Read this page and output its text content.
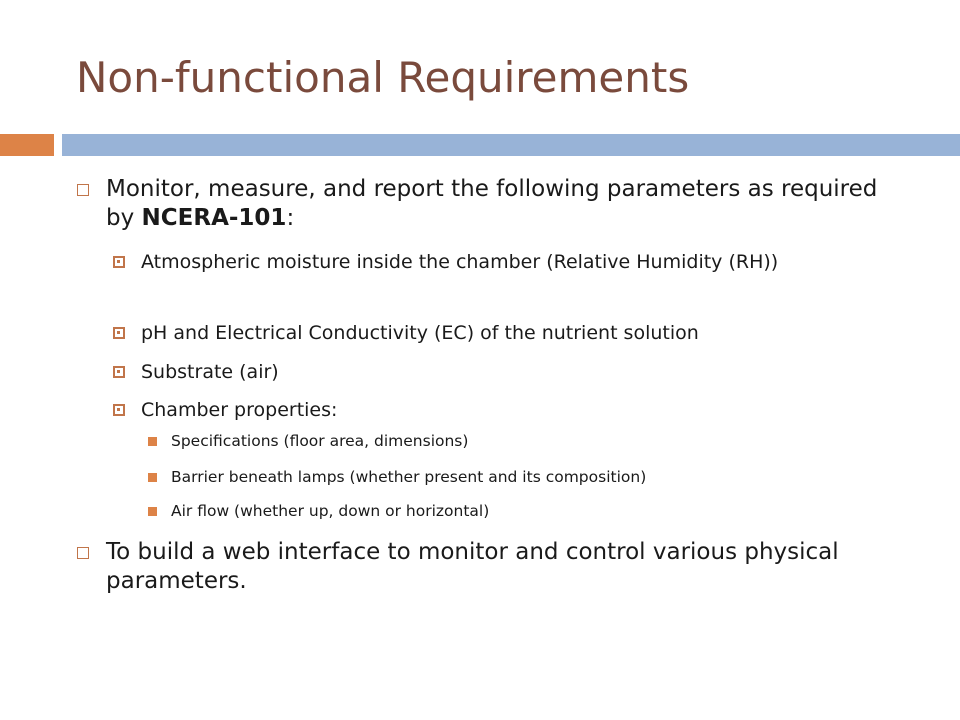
Non-functional Requirements

Monitor, measure, and report the following parameters as required by NCERA-101:

Atmospheric moisture inside the chamber (Relative Humidity (RH))

pH and Electrical Conductivity (EC) of the nutrient solution

Substrate (air)

Chamber properties:

Specifications (floor area, dimensions)

Barrier beneath lamps (whether present and its composition)

Air flow (whether up, down or horizontal)

To build a web interface to monitor and control various physical parameters.
